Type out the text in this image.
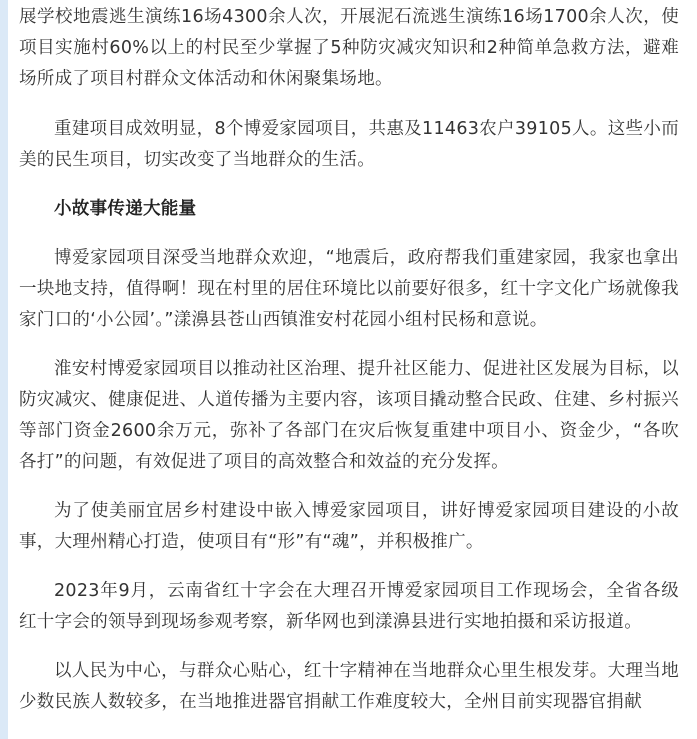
展学校地震逃生演练16场4300余人次，开展泥石流逃生演练16场1700余人次，使项目实施村60%以上的村民至少掌握了5种防灾减灾知识和2种简单急救方法，避难场所成了项目村群众文体活动和休闲聚集场地。

重建项目成效明显，8个博爱家园项目，共惠及11463农户39105人。这些小而美的民生项目，切实改变了当地群众的生活。

小故事传递大能量

博爱家园项目深受当地群众欢迎，“地震后，政府帮我们重建家园，我家也拿出一块地支持，值得啊！现在村里的居住环境比以前要好很多，红十字文化广场就像我家门口的‘小公园’。”漾濞县苍山西镇淮安村花园小组村民杨和意说。

淮安村博爱家园项目以推动社区治理、提升社区能力、促进社区发展为目标，以防灾减灾、健康促进、人道传播为主要内容，该项目撬动整合民政、住建、乡村振兴等部门资金2600余万元，弥补了各部门在灾后恢复重建中项目小、资金少，“各吹各打”的问题，有效促进了项目的高效整合和效益的充分发挥。

为了使美丽宜居乡村建设中嵌入博爱家园项目，讲好博爱家园项目建设的小故事，大理州精心打造，使项目有“形”有“魂”，并积极推广。

2023年9月，云南省红十字会在大理召开博爱家园项目工作现场会，全省各级红十字会的领导到现场参观考察，新华网也到漾濞县进行实地拍摄和采访报道。

以人民为中心，与群众心贴心，红十字精神在当地群众心里生根发芽。大理当地少数民族人数较多，在当地推进器官捐献工作难度较大，全州目前实现器官捐献
